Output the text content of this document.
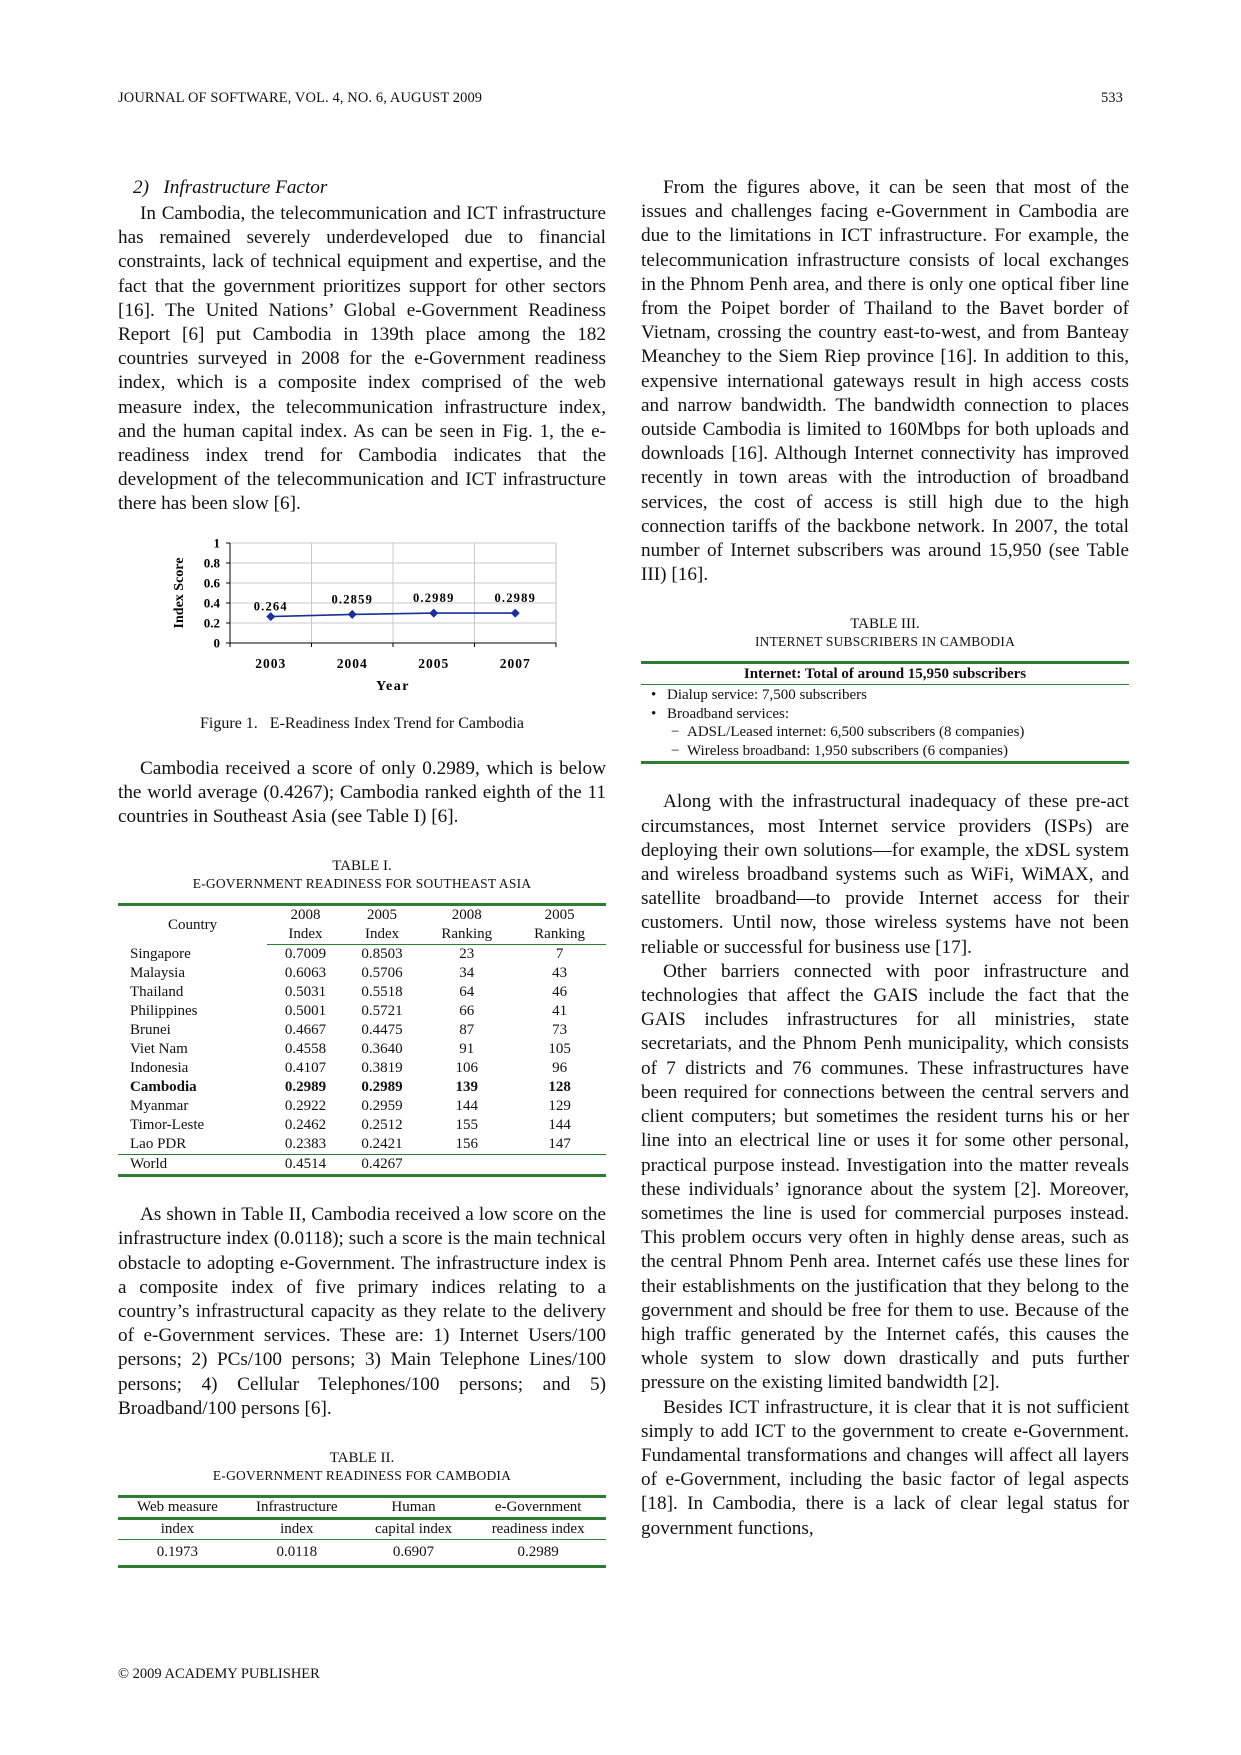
JOURNAL OF SOFTWARE, VOL. 4, NO. 6, AUGUST 2009	533
2)   Infrastructure Factor

In Cambodia, the telecommunication and ICT infrastructure has remained severely underdeveloped due to financial constraints, lack of technical equipment and expertise, and the fact that the government prioritizes support for other sectors [16]. The United Nations’ Global e-Government Readiness Report [6] put Cambodia in 139th place among the 182 countries surveyed in 2008 for the e-Government readiness index, which is a composite index comprised of the web measure index, the telecommunication infrastructure index, and the human capital index. As can be seen in Fig. 1, the e-readiness index trend for Cambodia indicates that the development of the telecommunication and ICT infrastructure there has been slow [6].

0
0.2
0.4
0.6
0.8
1
2003	2004	2005	2007
Year
Index Score	0.264
0.2859	0.2989	0.2989
Figure 1.   E-Readiness Index Trend for Cambodia

Cambodia received a score of only 0.2989, which is below the world average (0.4267); Cambodia ranked eighth of the 11 countries in Southeast Asia (see Table I) [6].

TABLE I.
E-GOVERNMENT READINESS FOR SOUTHEAST ASIA
Country	2008	2005	2008	2005
	Index	Index	Ranking	Ranking
Singapore	0.7009	0.8503	23	7
Malaysia	0.6063	0.5706	34	43
Thailand	0.5031	0.5518	64	46
Philippines	0.5001	0.5721	66	41
Brunei	0.4667	0.4475	87	73
Viet Nam	0.4558	0.3640	91	105
Indonesia	0.4107	0.3819	106	96
Cambodia	0.2989	0.2989	139	128
Myanmar	0.2922	0.2959	144	129
Timor-Leste	0.2462	0.2512	155	144
Lao PDR	0.2383	0.2421	156	147
World	0.4514	0.4267		

As shown in Table II, Cambodia received a low score on the infrastructure index (0.0118); such a score is the main technical obstacle to adopting e-Government. The infrastructure index is a composite index of five primary indices relating to a country’s infrastructural capacity as they relate to the delivery of e-Government services. These are: 1) Internet Users/100 persons; 2) PCs/100 persons; 3) Main Telephone Lines/100 persons; 4) Cellular Telephones/100 persons; and 5) Broadband/100 persons [6].

TABLE II.
E-GOVERNMENT READINESS FOR CAMBODIA
Web measure	Infrastructure	Human	e-Government
index	index	capital index	readiness index
0.1973	0.0118	0.6907	0.2989

From the figures above, it can be seen that most of the issues and challenges facing e-Government in Cambodia are due to the limitations in ICT infrastructure. For example, the telecommunication infrastructure consists of local exchanges in the Phnom Penh area, and there is only one optical fiber line from the Poipet border of Thailand to the Bavet border of Vietnam, crossing the country east-to-west, and from Banteay Meanchey to the Siem Riep province [16]. In addition to this, expensive international gateways result in high access costs and narrow bandwidth. The bandwidth connection to places outside Cambodia is limited to 160Mbps for both uploads and downloads [16]. Although Internet connectivity has improved recently in town areas with the introduction of broadband services, the cost of access is still high due to the high connection tariffs of the backbone network. In 2007, the total number of Internet subscribers was around 15,950 (see Table III) [16].

TABLE III.
INTERNET SUBSCRIBERS IN CAMBODIA
Internet: Total of around 15,950 subscribers
• Dialup service: 7,500 subscribers
• Broadband services:
− ADSL/Leased internet: 6,500 subscribers (8 companies)
− Wireless broadband: 1,950 subscribers (6 companies)

Along with the infrastructural inadequacy of these pre-act circumstances, most Internet service providers (ISPs) are deploying their own solutions—for example, the xDSL system and wireless broadband systems such as WiFi, WiMAX, and satellite broadband—to provide Internet access for their customers. Until now, those wireless systems have not been reliable or successful for business use [17].

Other barriers connected with poor infrastructure and technologies that affect the GAIS include the fact that the GAIS includes infrastructures for all ministries, state secretariats, and the Phnom Penh municipality, which consists of 7 districts and 76 communes. These infrastructures have been required for connections between the central servers and client computers; but sometimes the resident turns his or her line into an electrical line or uses it for some other personal, practical purpose instead. Investigation into the matter reveals these individuals’ ignorance about the system [2]. Moreover, sometimes the line is used for commercial purposes instead. This problem occurs very often in highly dense areas, such as the central Phnom Penh area. Internet cafés use these lines for their establishments on the justification that they belong to the government and should be free for them to use. Because of the high traffic generated by the Internet cafés, this causes the whole system to slow down drastically and puts further pressure on the existing limited bandwidth [2].

Besides ICT infrastructure, it is clear that it is not sufficient simply to add ICT to the government to create e-Government. Fundamental transformations and changes will affect all layers of e-Government, including the basic factor of legal aspects [18]. In Cambodia, there is a lack of clear legal status for government functions,

© 2009 ACADEMY PUBLISHER
